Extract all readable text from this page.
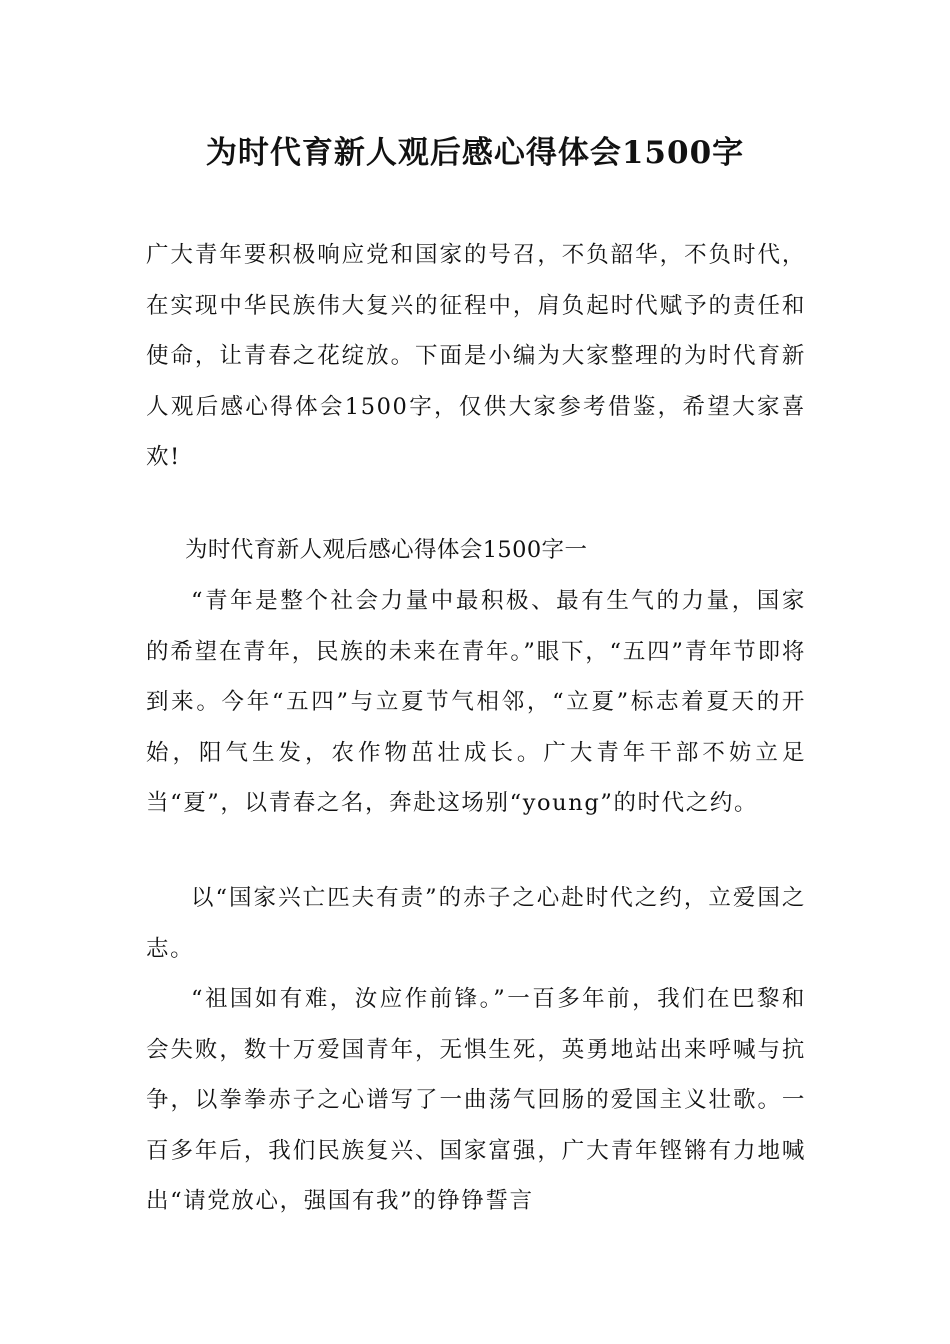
为时代育新人观后感心得体会1500字

广大青年要积极响应党和国家的号召，不负韶华，不负时代，在实现中华民族伟大复兴的征程中，肩负起时代赋予的责任和使命，让青春之花绽放。下面是小编为大家整理的为时代育新人观后感心得体会1500字，仅供大家参考借鉴，希望大家喜欢!

为时代育新人观后感心得体会1500字一

“青年是整个社会力量中最积极、最有生气的力量，国家的希望在青年，民族的未来在青年。”眼下，“五四”青年节即将到来。今年“五四”与立夏节气相邻，“立夏”标志着夏天的开始，阳气生发，农作物茁壮成长。广大青年干部不妨立足当“夏”，以青春之名，奔赴这场别“young”的时代之约。

以“国家兴亡匹夫有责”的赤子之心赴时代之约，立爱国之志。

“祖国如有难，汝应作前锋。”一百多年前，我们在巴黎和会失败，数十万爱国青年，无惧生死，英勇地站出来呼喊与抗争，以拳拳赤子之心谱写了一曲荡气回肠的爱国主义壮歌。一百多年后，我们民族复兴、国家富强，广大青年铿锵有力地喊出“请党放心，强国有我”的铮铮誓言
